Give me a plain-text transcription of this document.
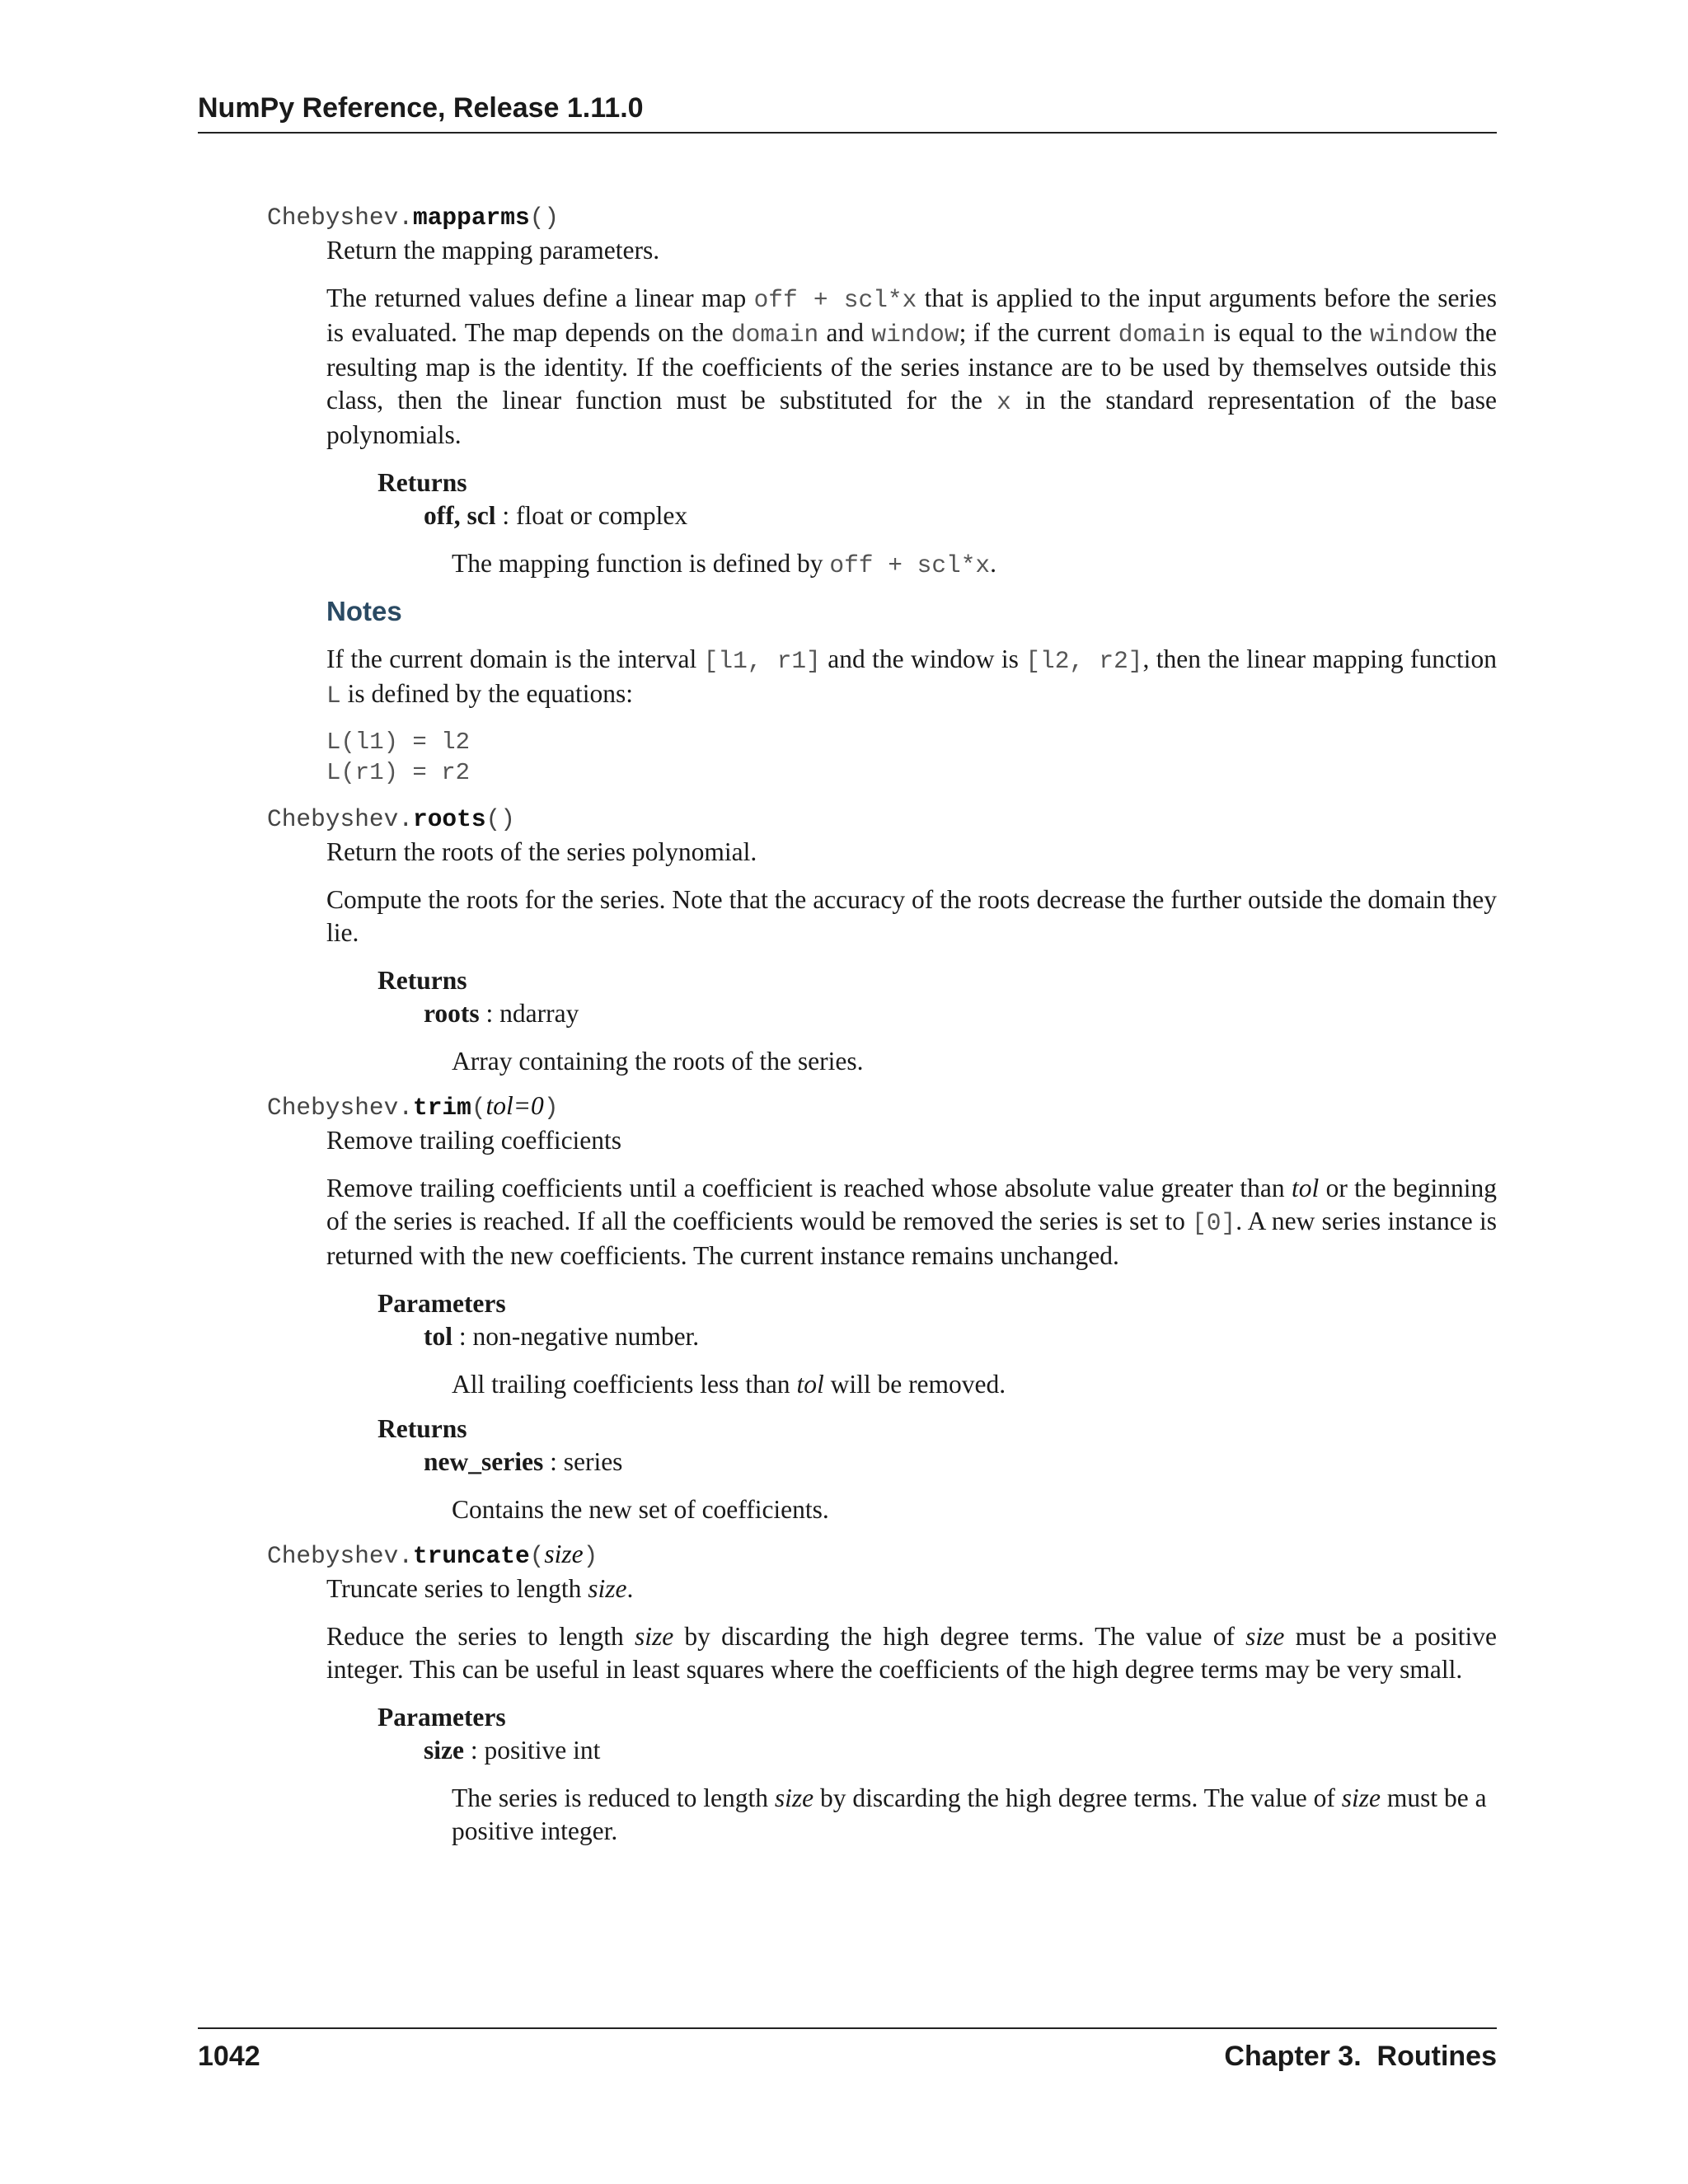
NumPy Reference, Release 1.11.0
Chebyshev.mapparms()
Return the mapping parameters.
The returned values define a linear map off + scl*x that is applied to the input arguments before the series is evaluated. The map depends on the domain and window; if the current domain is equal to the window the resulting map is the identity. If the coefficients of the series instance are to be used by themselves outside this class, then the linear function must be substituted for the x in the standard representation of the base polynomials.
Returns
off, scl : float or complex
The mapping function is defined by off + scl*x.
Notes
If the current domain is the interval [l1, r1] and the window is [l2, r2], then the linear mapping function L is defined by the equations:
L(l1) = l2
L(r1) = r2
Chebyshev.roots()
Return the roots of the series polynomial.
Compute the roots for the series. Note that the accuracy of the roots decrease the further outside the domain they lie.
Returns
roots : ndarray
Array containing the roots of the series.
Chebyshev.trim(tol=0)
Remove trailing coefficients
Remove trailing coefficients until a coefficient is reached whose absolute value greater than tol or the beginning of the series is reached. If all the coefficients would be removed the series is set to [0]. A new series instance is returned with the new coefficients. The current instance remains unchanged.
Parameters
tol : non-negative number.
All trailing coefficients less than tol will be removed.
Returns
new_series : series
Contains the new set of coefficients.
Chebyshev.truncate(size)
Truncate series to length size.
Reduce the series to length size by discarding the high degree terms. The value of size must be a positive integer. This can be useful in least squares where the coefficients of the high degree terms may be very small.
Parameters
size : positive int
The series is reduced to length size by discarding the high degree terms. The value of size must be a positive integer.
1042	Chapter 3.  Routines
